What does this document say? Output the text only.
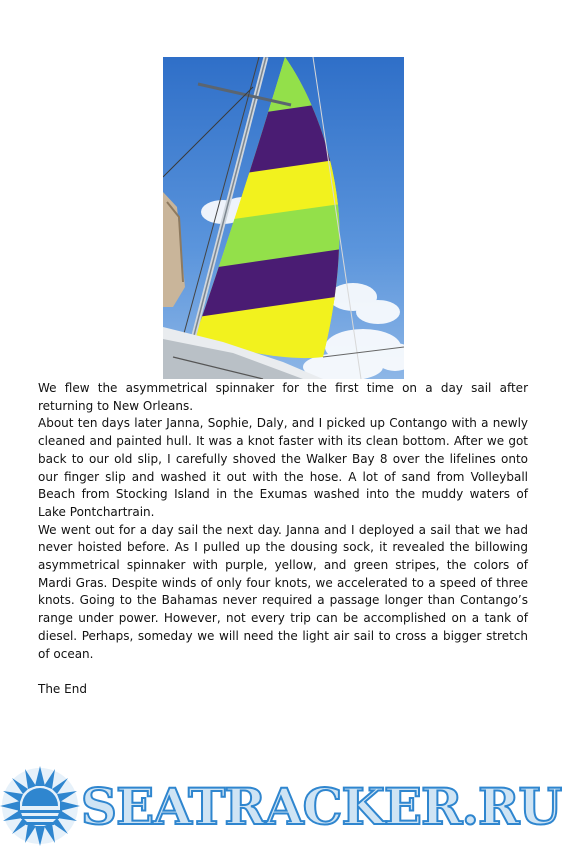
We flew the asymmetrical spinnaker for the first time on a day sail after returning to New Orleans.

About ten days later Janna, Sophie, Daly, and I picked up Contango with a newly cleaned and painted hull. It was a knot faster with its clean bottom. After we got back to our old slip, I carefully shoved the Walker Bay 8 over the lifelines onto our finger slip and washed it out with the hose. A lot of sand from Volleyball Beach from Stocking Island in the Exumas washed into the muddy waters of Lake Pontchartrain.

We went out for a day sail the next day. Janna and I deployed a sail that we had never hoisted before. As I pulled up the dousing sock, it revealed the billowing asymmetrical spinnaker with purple, yellow, and green stripes, the colors of Mardi Gras. Despite winds of only four knots, we accelerated to a speed of three knots. Going to the Bahamas never required a passage longer than Contango’s range under power. However, not every trip can be accomplished on a tank of diesel. Perhaps, someday we will need the light air sail to cross a bigger stretch of ocean.

The End

SEATRACKER.RU
